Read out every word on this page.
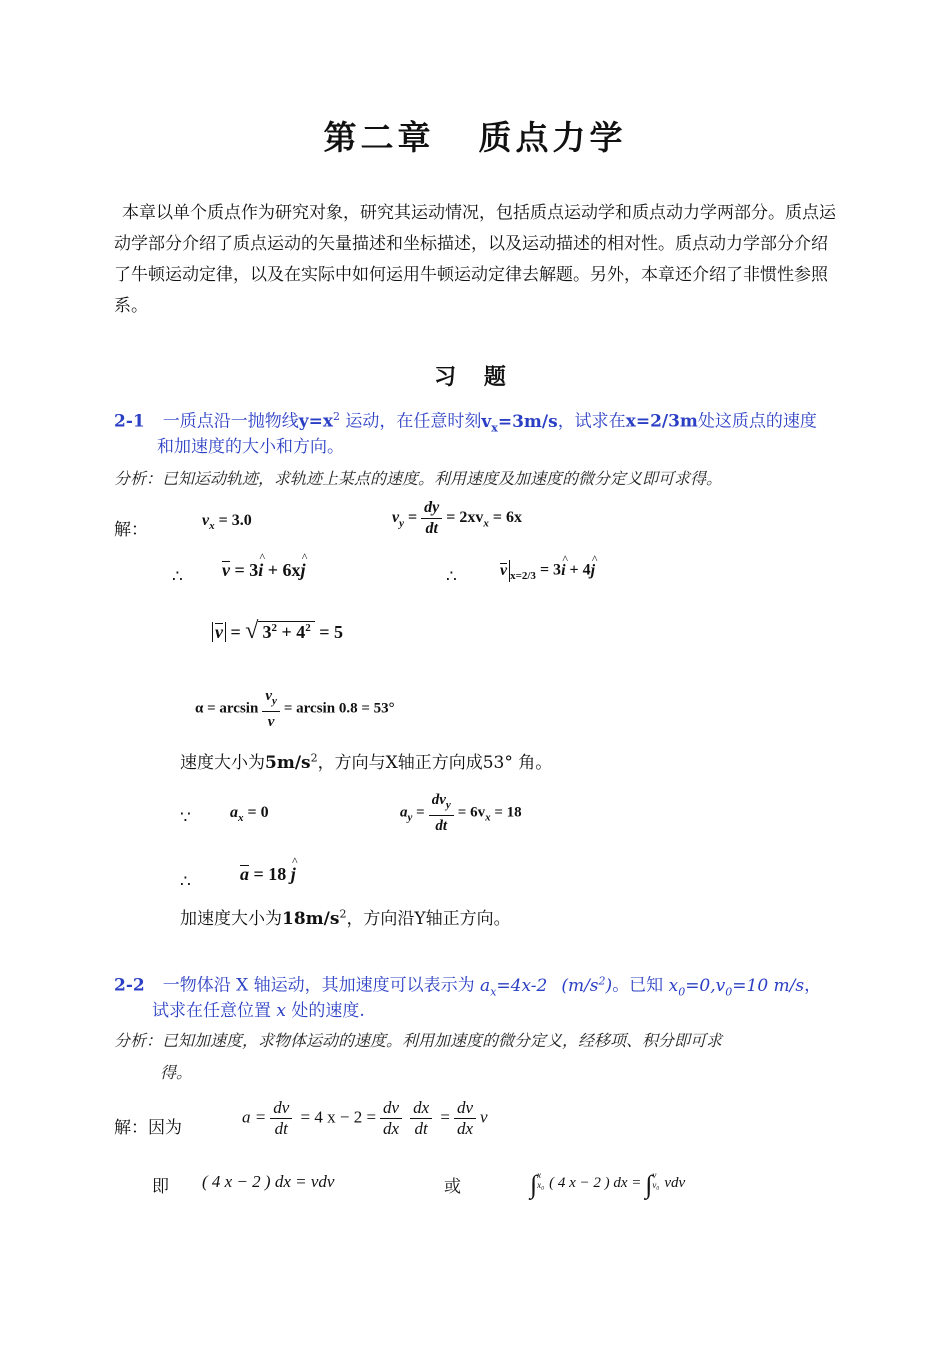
第二章 质点力学
本章以单个质点作为研究对象，研究其运动情况，包括质点运动学和质点动力学两部分。质点运动学部分介绍了质点运动的矢量描述和坐标描述，以及运动描述的相对性。质点动力学部分介绍了牛顿运动定律，以及在实际中如何运用牛顿运动定律去解题。另外，本章还介绍了非惯性参照系。
习 题
2-1 一质点沿一抛物线$y=x^2$ 运动，在任意时刻$v_x=3m/s$，试求在x=2/3m处这质点的速度
和加速度的大小和方向。
分析：已知运动轨迹，求轨迹上某点的速度。利用速度及加速度的微分定义即可求得。
解：	$v_x = 3.0$	$v_y = \frac{dy}{dt} = 2xv_x = 6x$
∴ v = 3^ i + 6x^ j	∴	v $_{x=2/3}$ = 3^ i + 4^ j
v = √ $3^2 + 4^2 = 5$
$\alpha = \arcsin \frac{v_y}{v} = \arcsin 0.8 = 53^\circ$
速度大小为$5m/s^2$，方向与X轴正方向成53° 角。
∵ $a_x = 0$	$a_y = \frac{dv_y}{dt} = 6v_x = 18$
∴	a = 18 ^ j
加速度大小为$18m/s^2$，方向沿Y轴正方向。
2-2 一物体沿 X 轴运动，其加速度可以表示为 $a_x=4x-2$ $(m/s^2)$。已知 $x_0=0,v_0=10$ m/s，
试求在任意位置 x 处的速度.
分析：已知加速度，求物体运动的速度。利用加速度的微分定义，经移项、积分即可求
得。
解：因为
$a = \frac{dv}{dt} = 4$ $x - 2 = \frac{dv}{dx} \frac{dx}{dt} = \frac{dv}{dx}$ v
即 ( 4 x − 2 ) dx = vdv	或	∫x
x₀ ( 4 x − 2 ) dx = ∫v
v₀ vdv
